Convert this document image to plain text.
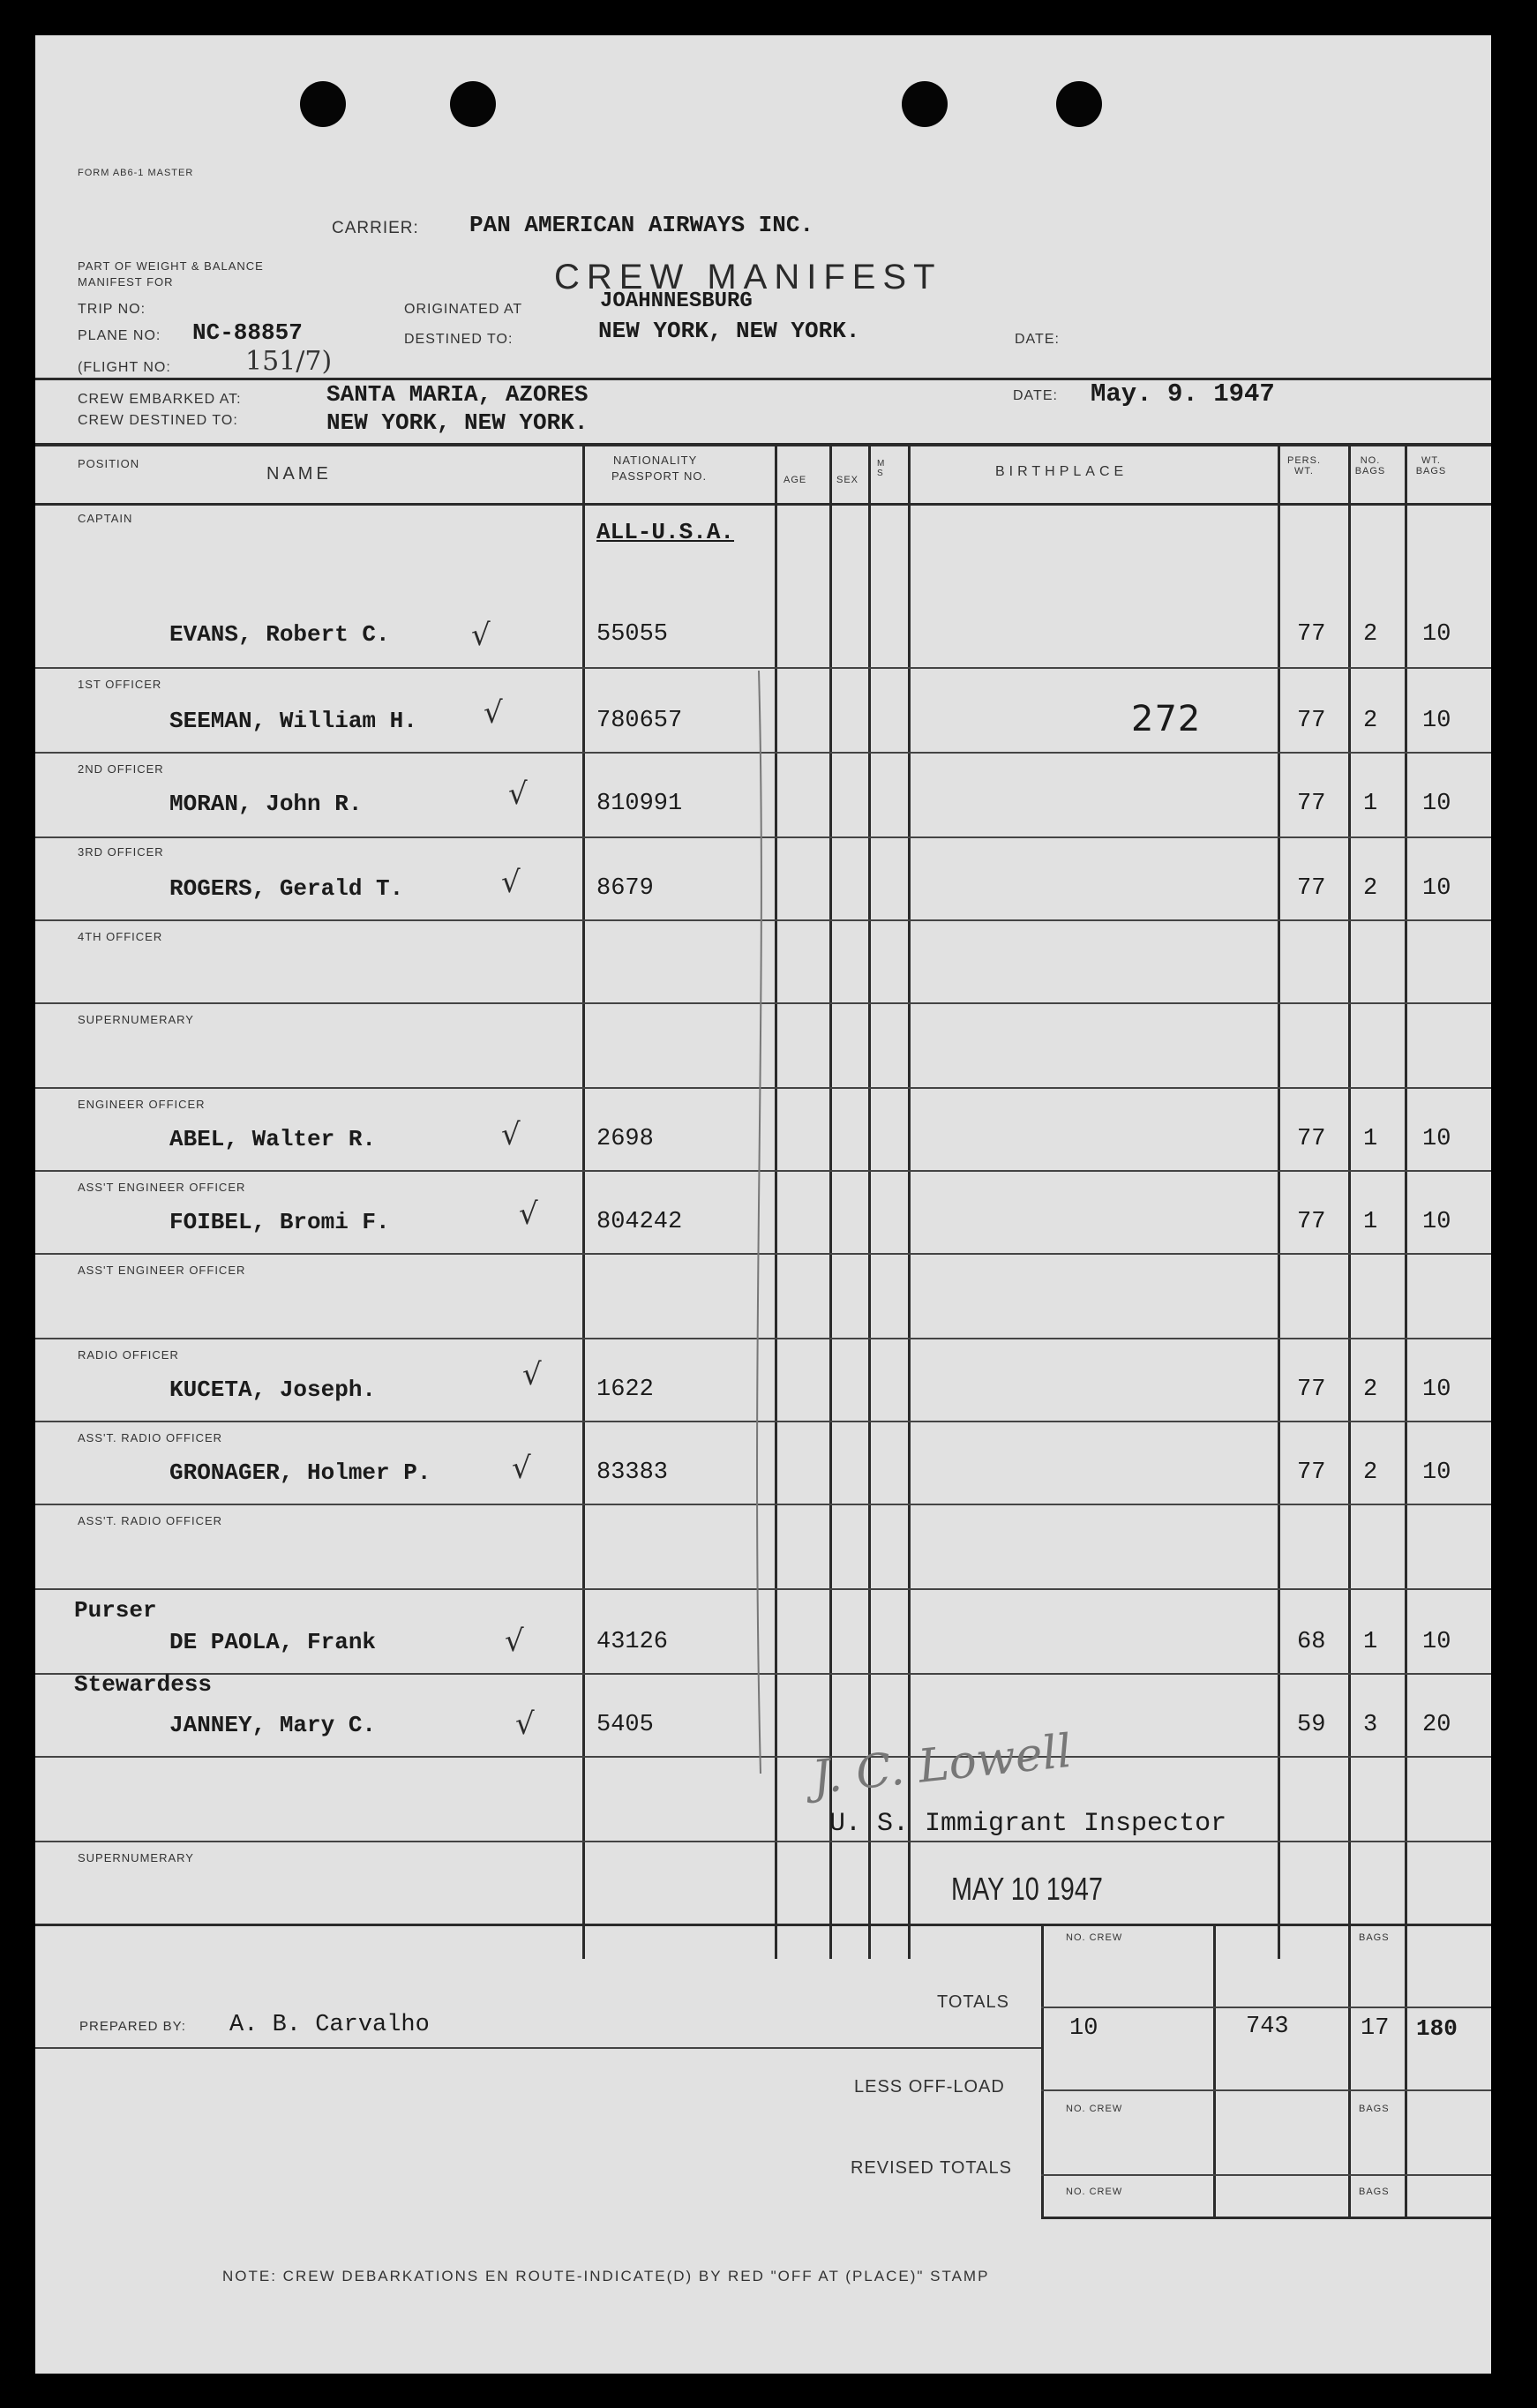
FORM AB6-1 MASTER
CARRIER: PAN AMERICAN AIRWAYS INC.
PART OF WEIGHT & BALANCE
MANIFEST FOR	CREW MANIFEST
TRIP NO:	ORIGINATED AT	JOAHNNESBURG
PLANE NO: NC-88857	DESTINED TO:	NEW YORK, NEW YORK.	DATE:
(FLIGHT NO:	151/7)
CREW EMBARKED AT:	SANTA MARIA, AZORES	DATE: May. 9. 1947
CREW DESTINED TO:	NEW YORK, NEW YORK.
POSITION
NAME
NATIONALITY
PASSPORT NO.	AGE	SEX
M S	BIRTHPLACE
PERS. WT.
NO. BAGS
WT. BAGS
ALL-U.S.A.
CAPTAIN
EVANS, Robert C.	√	55055	77 2 10
1ST OFFICER
SEEMAN, William H. √	780657	272	77 2 10
2ND OFFICER
MORAN, John R.	√	810991	77 1 10
3RD OFFICER
ROGERS, Gerald T.	√	8679	77 2 10
4TH OFFICER
SUPERNUMERARY
ENGINEER OFFICER
ABEL, Walter R.	√	2698	77 1 10
ASS'T ENGINEER OFFICER
FOIBEL, Bromi F.	√ 804242	77 1 10
ASS'T ENGINEER OFFICER
RADIO OFFICER
KUCETA, Joseph.	√ 1622	77 2 10
ASS'T. RADIO OFFICER
GRONAGER, Holmer P.	√	83383	77 2 10
ASS'T. RADIO OFFICER
Purser
DE PAOLA, Frank	√	43126	68 1 10
Stewardess
JANNEY, Mary C.	√	5405	59 3 20
SUPERNUMERARY
J. C. Lowell
U. S. Immigrant Inspector
MAY 10 1947
PREPARED BY: A. B. Carvalho
TOTALS
LESS OFF-LOAD
REVISED TOTALS
NO. CREW	BAGS
10	743	17 180
NO. CREW	BAGS
NO. CREW	BAGS
NOTE: CREW DEBARKATIONS EN ROUTE-INDICATE(D) BY RED "OFF AT (PLACE)" STAMP
